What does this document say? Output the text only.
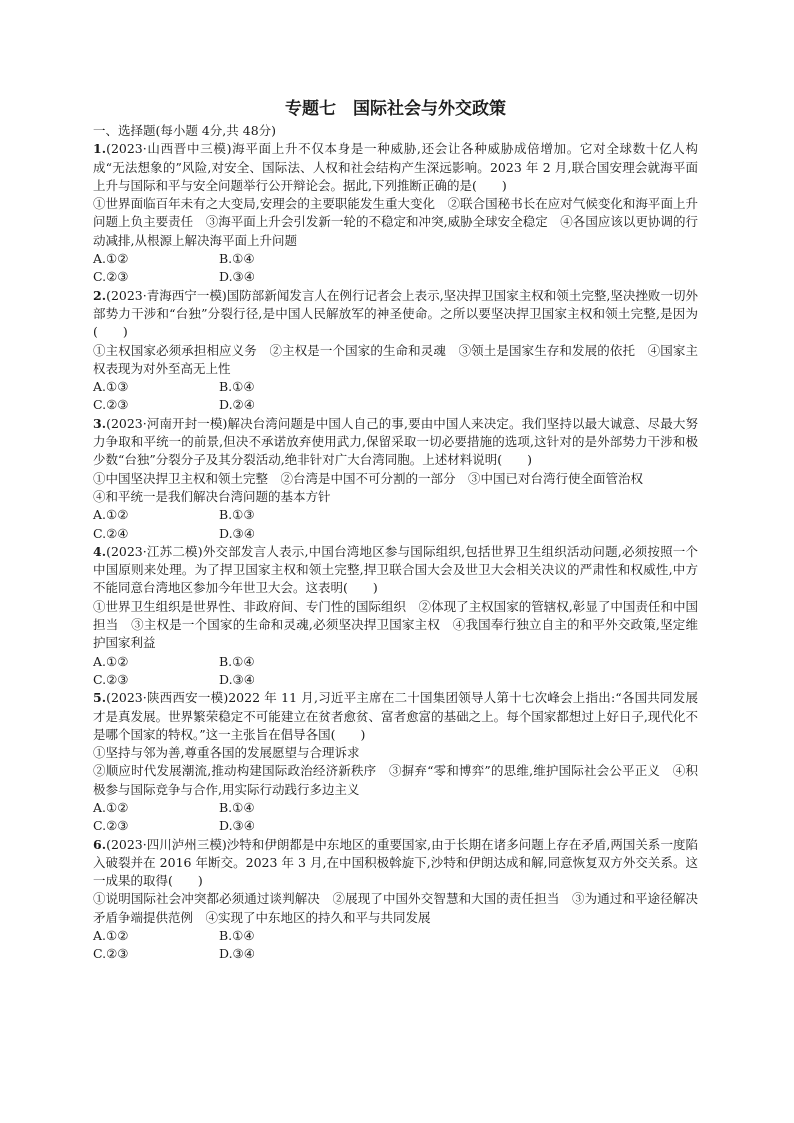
专题七　国际社会与外交政策

一、选择题(每小题 4分,共 48分)

1.(2023·山西晋中三模)海平面上升不仅本身是一种威胁,还会让各种威胁成倍增加。它对全球数十亿人构成“无法想象的”风险,对安全、国际法、人权和社会结构产生深远影响。2023 年 2 月,联合国安理会就海平面上升与国际和平与安全问题举行公开辩论会。据此,下列推断正确的是(　　)

①世界面临百年未有之大变局,安理会的主要职能发生重大变化　②联合国秘书长在应对气候变化和海平面上升问题上负主要责任　③海平面上升会引发新一轮的不稳定和冲突,威胁全球安全稳定　④各国应该以更协调的行动减排,从根源上解决海平面上升问题

A.①②	B.①④
C.②③	D.③④

2.(2023·青海西宁一模)国防部新闻发言人在例行记者会上表示,坚决捍卫国家主权和领土完整,坚决挫败一切外部势力干涉和“台独”分裂行径,是中国人民解放军的神圣使命。之所以要坚决捍卫国家主权和领土完整,是因为(　　)

①主权国家必须承担相应义务　②主权是一个国家的生命和灵魂　③领土是国家生存和发展的依托　④国家主权表现为对外至高无上性

A.①③	B.①④
C.②③	D.②④

3.(2023·河南开封一模)解决台湾问题是中国人自己的事,要由中国人来决定。我们坚持以最大诚意、尽最大努力争取和平统一的前景,但决不承诺放弃使用武力,保留采取一切必要措施的选项,这针对的是外部势力干涉和极少数“台独”分裂分子及其分裂活动,绝非针对广大台湾同胞。上述材料说明(　　)

①中国坚决捍卫主权和领土完整　②台湾是中国不可分割的一部分　③中国已对台湾行使全面管治权

④和平统一是我们解决台湾问题的基本方针

A.①②	B.①③
C.②④	D.③④

4.(2023·江苏二模)外交部发言人表示,中国台湾地区参与国际组织,包括世界卫生组织活动问题,必须按照一个中国原则来处理。为了捍卫国家主权和领土完整,捍卫联合国大会及世卫大会相关决议的严肃性和权威性,中方不能同意台湾地区参加今年世卫大会。这表明(　　)

①世界卫生组织是世界性、非政府间、专门性的国际组织　②体现了主权国家的管辖权,彰显了中国责任和中国担当　③主权是一个国家的生命和灵魂,必须坚决捍卫国家主权　④我国奉行独立自主的和平外交政策,坚定维护国家利益

A.①②	B.①④
C.②③	D.③④

5.(2023·陕西西安一模)2022 年 11 月,习近平主席在二十国集团领导人第十七次峰会上指出:“各国共同发展才是真发展。世界繁荣稳定不可能建立在贫者愈贫、富者愈富的基础之上。每个国家都想过上好日子,现代化不是哪个国家的特权。”这一主张旨在倡导各国(　　)

①坚持与邻为善,尊重各国的发展愿望与合理诉求

②顺应时代发展潮流,推动构建国际政治经济新秩序　③摒弃“零和博弈”的思维,维护国际社会公平正义　④积极参与国际竞争与合作,用实际行动践行多边主义

A.①②	B.①④
C.②③	D.③④

6.(2023·四川泸州三模)沙特和伊朗都是中东地区的重要国家,由于长期在诸多问题上存在矛盾,两国关系一度陷入破裂并在 2016 年断交。2023 年 3 月,在中国积极斡旋下,沙特和伊朗达成和解,同意恢复双方外交关系。这一成果的取得(　　)

①说明国际社会冲突都必须通过谈判解决　②展现了中国外交智慧和大国的责任担当　③为通过和平途径解决矛盾争端提供范例　④实现了中东地区的持久和平与共同发展

A.①②	B.①④
C.②③	D.③④
